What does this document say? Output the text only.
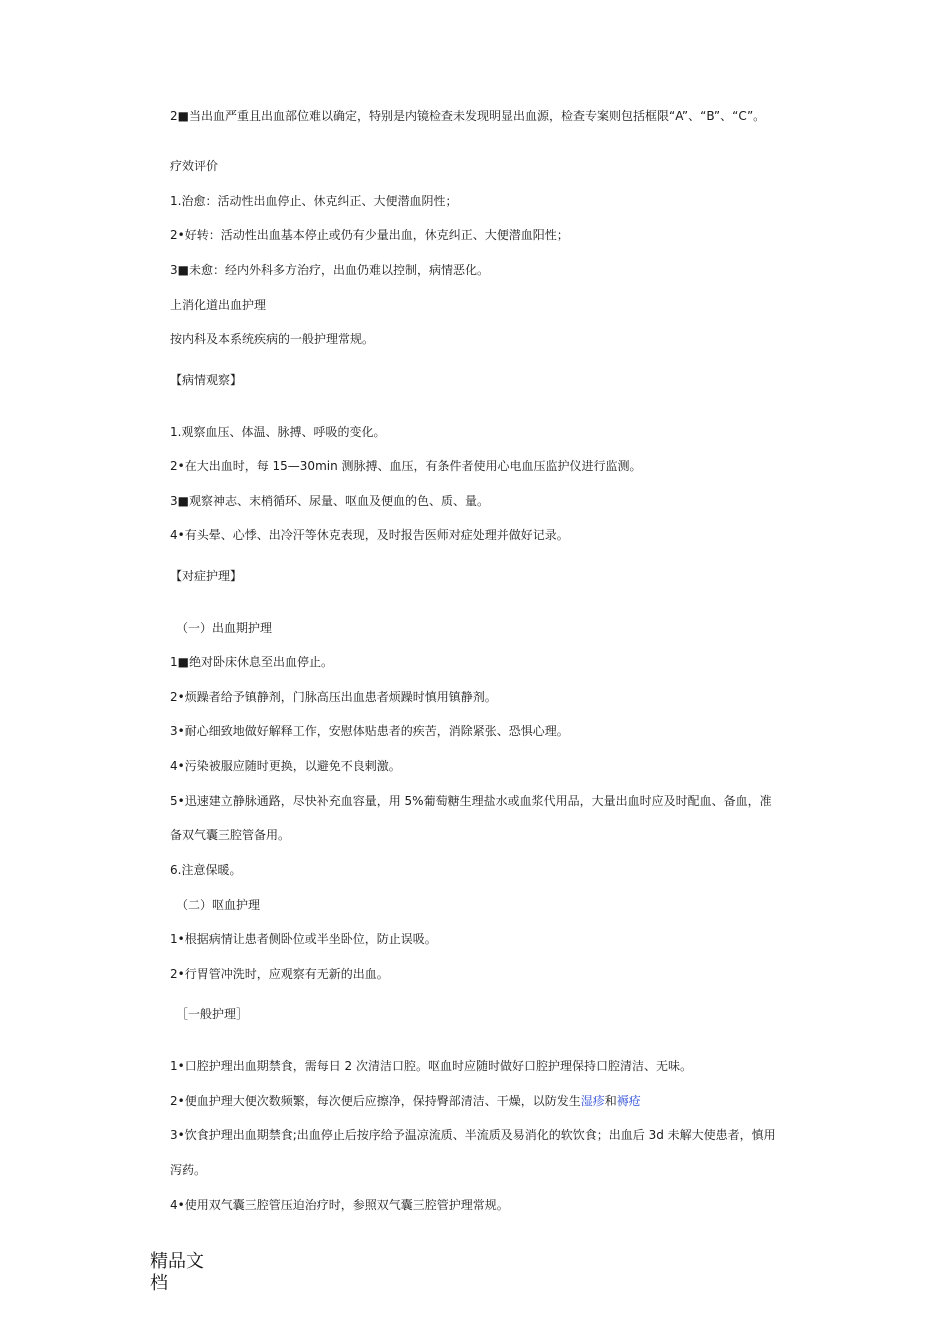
2■当出血严重且出血部位难以确定，特别是内镜检查未发现明显出血源，检查专案则包括框限“A”、“B”、“C”。
疗效评价
1.治愈：活动性出血停止、休克纠正、大便潜血阴性；
2•好转：活动性出血基本停止或仍有少量出血，休克纠正、大便潜血阳性；
3■未愈：经内外科多方治疗，出血仍难以控制，病情恶化。
上消化道出血护理
按内科及本系统疾病的一般护理常规。
【病情观察】
1.观察血压、体温、脉搏、呼吸的变化。
2•在大出血时，每 15—30min 测脉搏、血压，有条件者使用心电血压监护仪进行监测。
3■观察神志、末梢循环、尿量、呕血及便血的色、质、量。
4•有头晕、心悸、出冷汗等休克表现，及时报告医师对症处理并做好记录。
【对症护理】
（一）出血期护理
1■绝对卧床休息至出血停止。
2•烦躁者给予镇静剂，门脉高压出血患者烦躁时慎用镇静剂。
3•耐心细致地做好解释工作，安慰体贴患者的疾苦，消除紧张、恐惧心理。
4•污染被服应随时更换，以避免不良剌激。
5•迅速建立静脉通路，尽快补充血容量，用 5%葡萄糖生理盐水或血浆代用品，大量出血时应及时配血、备血，准
备双气囊三腔管备用。
6.注意保暖。
（二）呕血护理
1•根据病情让患者侧卧位或半坐卧位，防止误吸。
2•行胃管冲洗时，应观察有无新的出血。
［一般护理］
1•口腔护理出血期禁食，需每日 2 次清洁口腔。呕血时应随时做好口腔护理保持口腔清洁、无味。
2•便血护理大便次数频繁，每次便后应擦净，保持臀部清洁、干燥，以防发生湿疹和褥疮
3•饮食护理出血期禁食;出血停止后按序给予温凉流质、半流质及易消化的软饮食；出血后 3d 未解大使患者，慎用
泻药。
4•使用双气囊三腔管压迫治疗时，参照双气囊三腔管护理常规。
精品文档
